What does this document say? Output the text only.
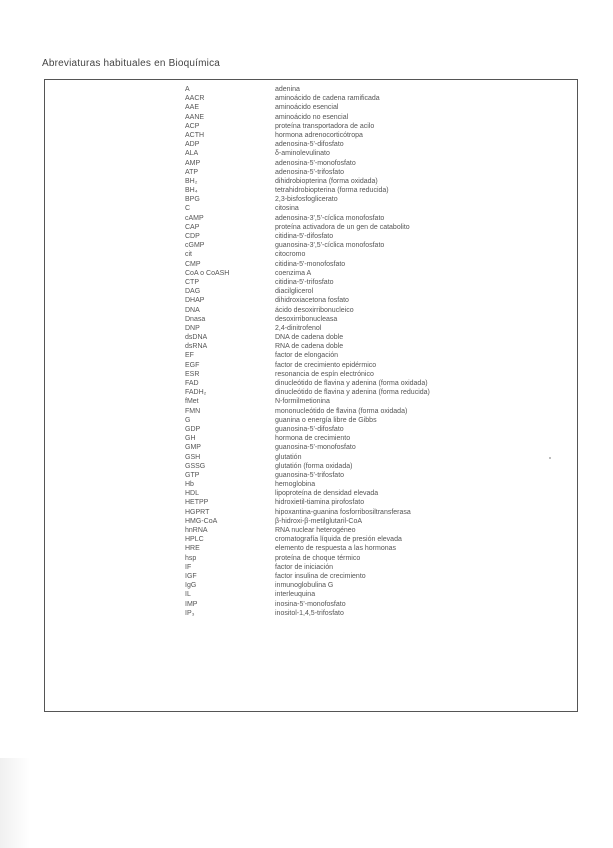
Abreviaturas habituales en Bioquímica
A	adenina
AACR	aminoácido de cadena ramificada
AAE	aminoácido esencial
AANE	aminoácido no esencial
ACP	proteína transportadora de acilo
ACTH	hormona adrenocorticótropa
ADP	adenosina-5'-difosfato
ALA	δ-aminolevulinato
AMP	adenosina-5'-monofosfato
ATP	adenosina-5'-trifosfato
BH₂	dihidrobiopterina (forma oxidada)
BH₄	tetrahidrobiopterina (forma reducida)
BPG	2,3-bisfosfoglicerato
C	citosina
cAMP	adenosina-3',5'-cíclica monofosfato
CAP	proteína activadora de un gen de catabolito
CDP	citidina-5'-difosfato
cGMP	guanosina-3',5'-cíclica monofosfato
cit	citocromo
CMP	citidina-5'-monofosfato
CoA o CoASH	coenzima A
CTP	citidina-5'-trifosfato
DAG	diacilglicerol
DHAP	dihidroxiacetona fosfato
DNA	ácido desoxirribonucleico
Dnasa	desoxirribonucleasa
DNP	2,4-dinitrofenol
dsDNA	DNA de cadena doble
dsRNA	RNA de cadena doble
EF	factor de elongación
EGF	factor de crecimiento epidérmico
ESR	resonancia de espín electrónico
FAD	dinucleótido de flavina y adenina (forma oxidada)
FADH₂	dinucleótido de flavina y adenina (forma reducida)
fMet	N-formilmetionina
FMN	mononucleótido de flavina (forma oxidada)
G	guanina o energía libre de Gibbs
GDP	guanosina-5'-difosfato
GH	hormona de crecimiento
GMP	guanosina-5'-monofosfato
GSH	glutatión
GSSG	glutatión (forma oxidada)
GTP	guanosina-5'-trifosfato
Hb	hemoglobina
HDL	lipoproteína de densidad elevada
HETPP	hidroxietil-tiamina pirofosfato
HGPRT	hipoxantina-guanina fosforribosiltransferasa
HMG-CoA	β-hidroxi-β-metilglutaril-CoA
hnRNA	RNA nuclear heterogéneo
HPLC	cromatografía líquida de presión elevada
HRE	elemento de respuesta a las hormonas
hsp	proteína de choque térmico
IF	factor de iniciación
IGF	factor insulina de crecimiento
IgG	inmunoglobulina G
IL	interleuquina
IMP	inosina-5'-monofosfato
IP₃	inositol-1,4,5-trifosfato
